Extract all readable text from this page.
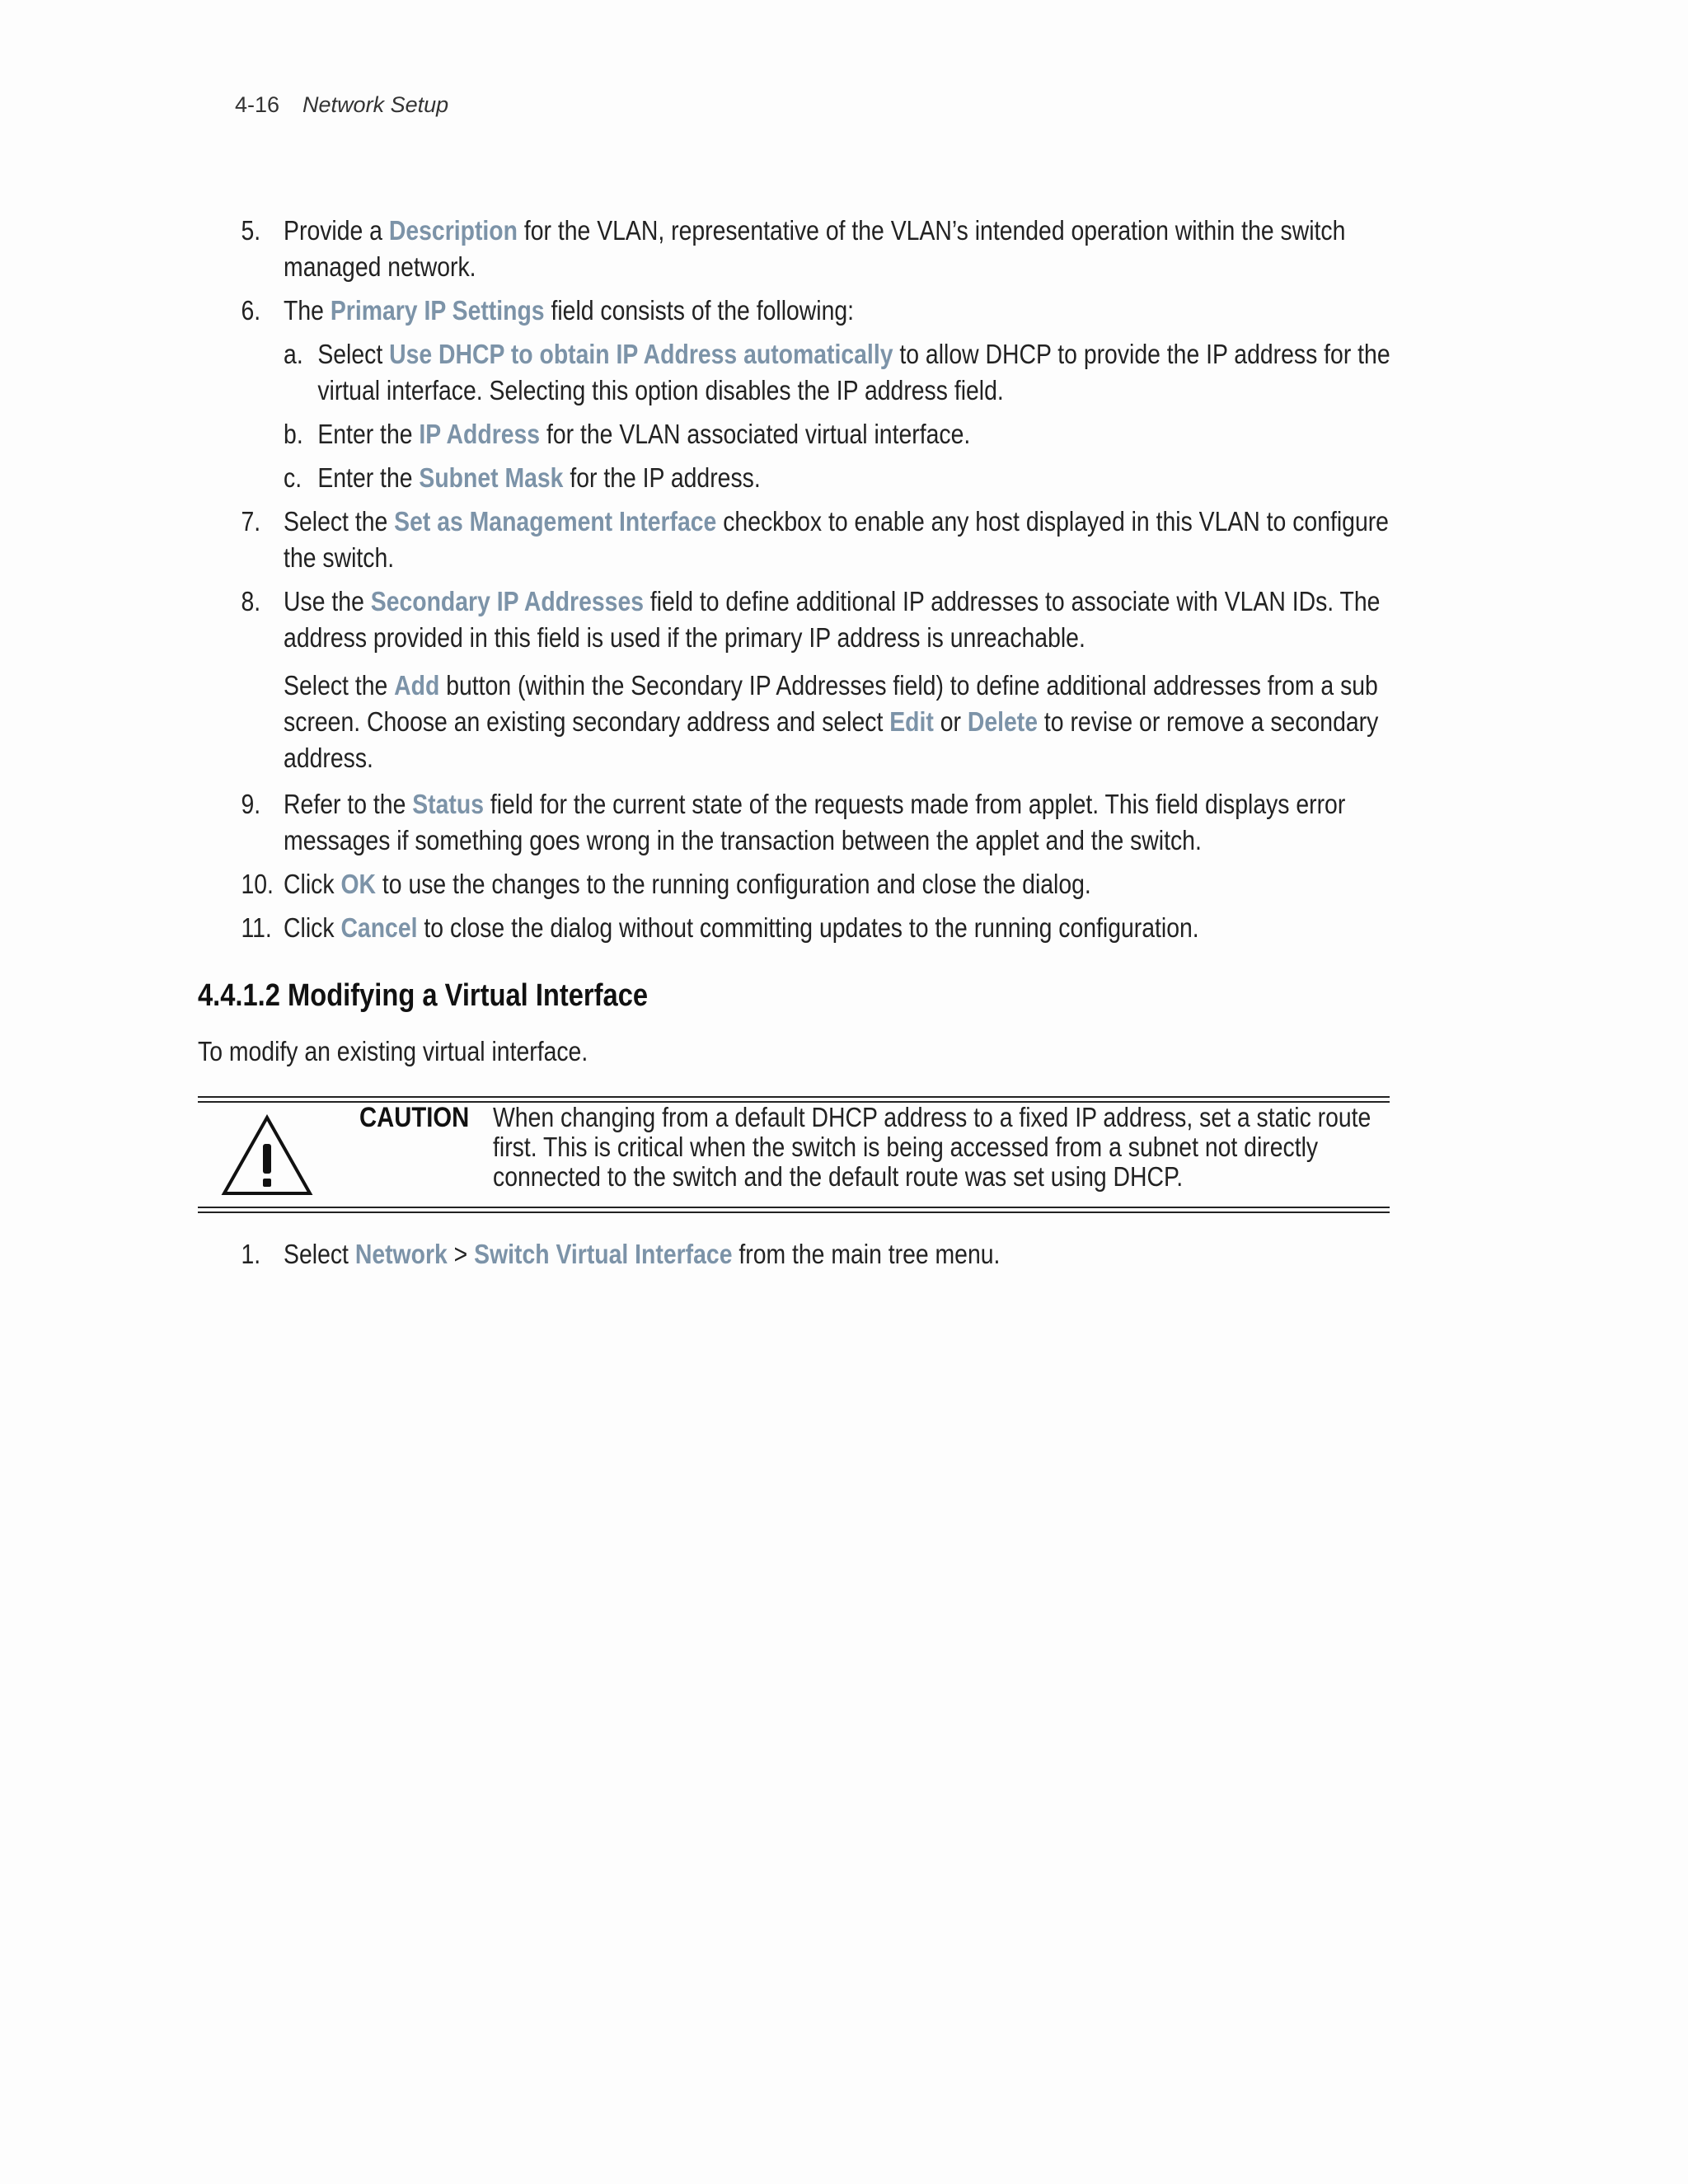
4-16 Network Setup
5. Provide a Description for the VLAN, representative of the VLAN’s intended operation within the switch managed network.
6. The Primary IP Settings field consists of the following:
a. Select Use DHCP to obtain IP Address automatically to allow DHCP to provide the IP address for the virtual interface. Selecting this option disables the IP address field.
b. Enter the IP Address for the VLAN associated virtual interface.
c. Enter the Subnet Mask for the IP address.
7. Select the Set as Management Interface checkbox to enable any host displayed in this VLAN to configure the switch.
8. Use the Secondary IP Addresses field to define additional IP addresses to associate with VLAN IDs. The address provided in this field is used if the primary IP address is unreachable.
Select the Add button (within the Secondary IP Addresses field) to define additional addresses from a sub screen. Choose an existing secondary address and select Edit or Delete to revise or remove a secondary address.
9. Refer to the Status field for the current state of the requests made from applet. This field displays error messages if something goes wrong in the transaction between the applet and the switch.
10. Click OK to use the changes to the running configuration and close the dialog.
11. Click Cancel to close the dialog without committing updates to the running configuration.
4.4.1.2 Modifying a Virtual Interface
To modify an existing virtual interface.
CAUTION When changing from a default DHCP address to a fixed IP address, set a static route first. This is critical when the switch is being accessed from a subnet not directly connected to the switch and the default route was set using DHCP.
1. Select Network > Switch Virtual Interface from the main tree menu.
